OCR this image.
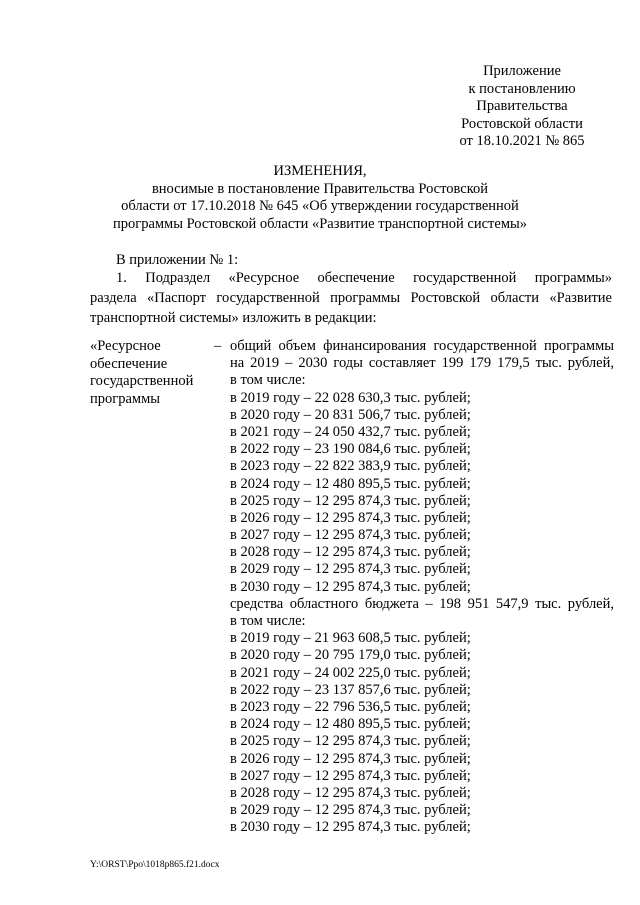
Приложение
к постановлению
Правительства
Ростовской области
от 18.10.2021 № 865
ИЗМЕНЕНИЯ,
вносимые в постановление Правительства Ростовской
области от 17.10.2018 № 645 «Об утверждении государственной
программы Ростовской области «Развитие транспортной системы»
В приложении № 1:
1. Подраздел «Ресурсное обеспечение государственной программы»
раздела «Паспорт государственной программы Ростовской области «Развитие
транспортной системы» изложить в редакции:
«Ресурсное
обеспечение
государственной
программы
– общий объем финансирования государственной программы
на 2019 – 2030 годы составляет 199 179 179,5 тыс. рублей,
в том числе:
в 2019 году – 22 028 630,3 тыс. рублей;
в 2020 году – 20 831 506,7 тыс. рублей;
в 2021 году – 24 050 432,7 тыс. рублей;
в 2022 году – 23 190 084,6 тыс. рублей;
в 2023 году – 22 822 383,9 тыс. рублей;
в 2024 году – 12 480 895,5 тыс. рублей;
в 2025 году – 12 295 874,3 тыс. рублей;
в 2026 году – 12 295 874,3 тыс. рублей;
в 2027 году – 12 295 874,3 тыс. рублей;
в 2028 году – 12 295 874,3 тыс. рублей;
в 2029 году – 12 295 874,3 тыс. рублей;
в 2030 году – 12 295 874,3 тыс. рублей;
средства областного бюджета – 198 951 547,9 тыс. рублей,
в том числе:
в 2019 году – 21 963 608,5 тыс. рублей;
в 2020 году – 20 795 179,0 тыс. рублей;
в 2021 году – 24 002 225,0 тыс. рублей;
в 2022 году – 23 137 857,6 тыс. рублей;
в 2023 году – 22 796 536,5 тыс. рублей;
в 2024 году – 12 480 895,5 тыс. рублей;
в 2025 году – 12 295 874,3 тыс. рублей;
в 2026 году – 12 295 874,3 тыс. рублей;
в 2027 году – 12 295 874,3 тыс. рублей;
в 2028 году – 12 295 874,3 тыс. рублей;
в 2029 году – 12 295 874,3 тыс. рублей;
в 2030 году – 12 295 874,3 тыс. рублей;
Y:\ORST\Ppo\1018p865.f21.docx
